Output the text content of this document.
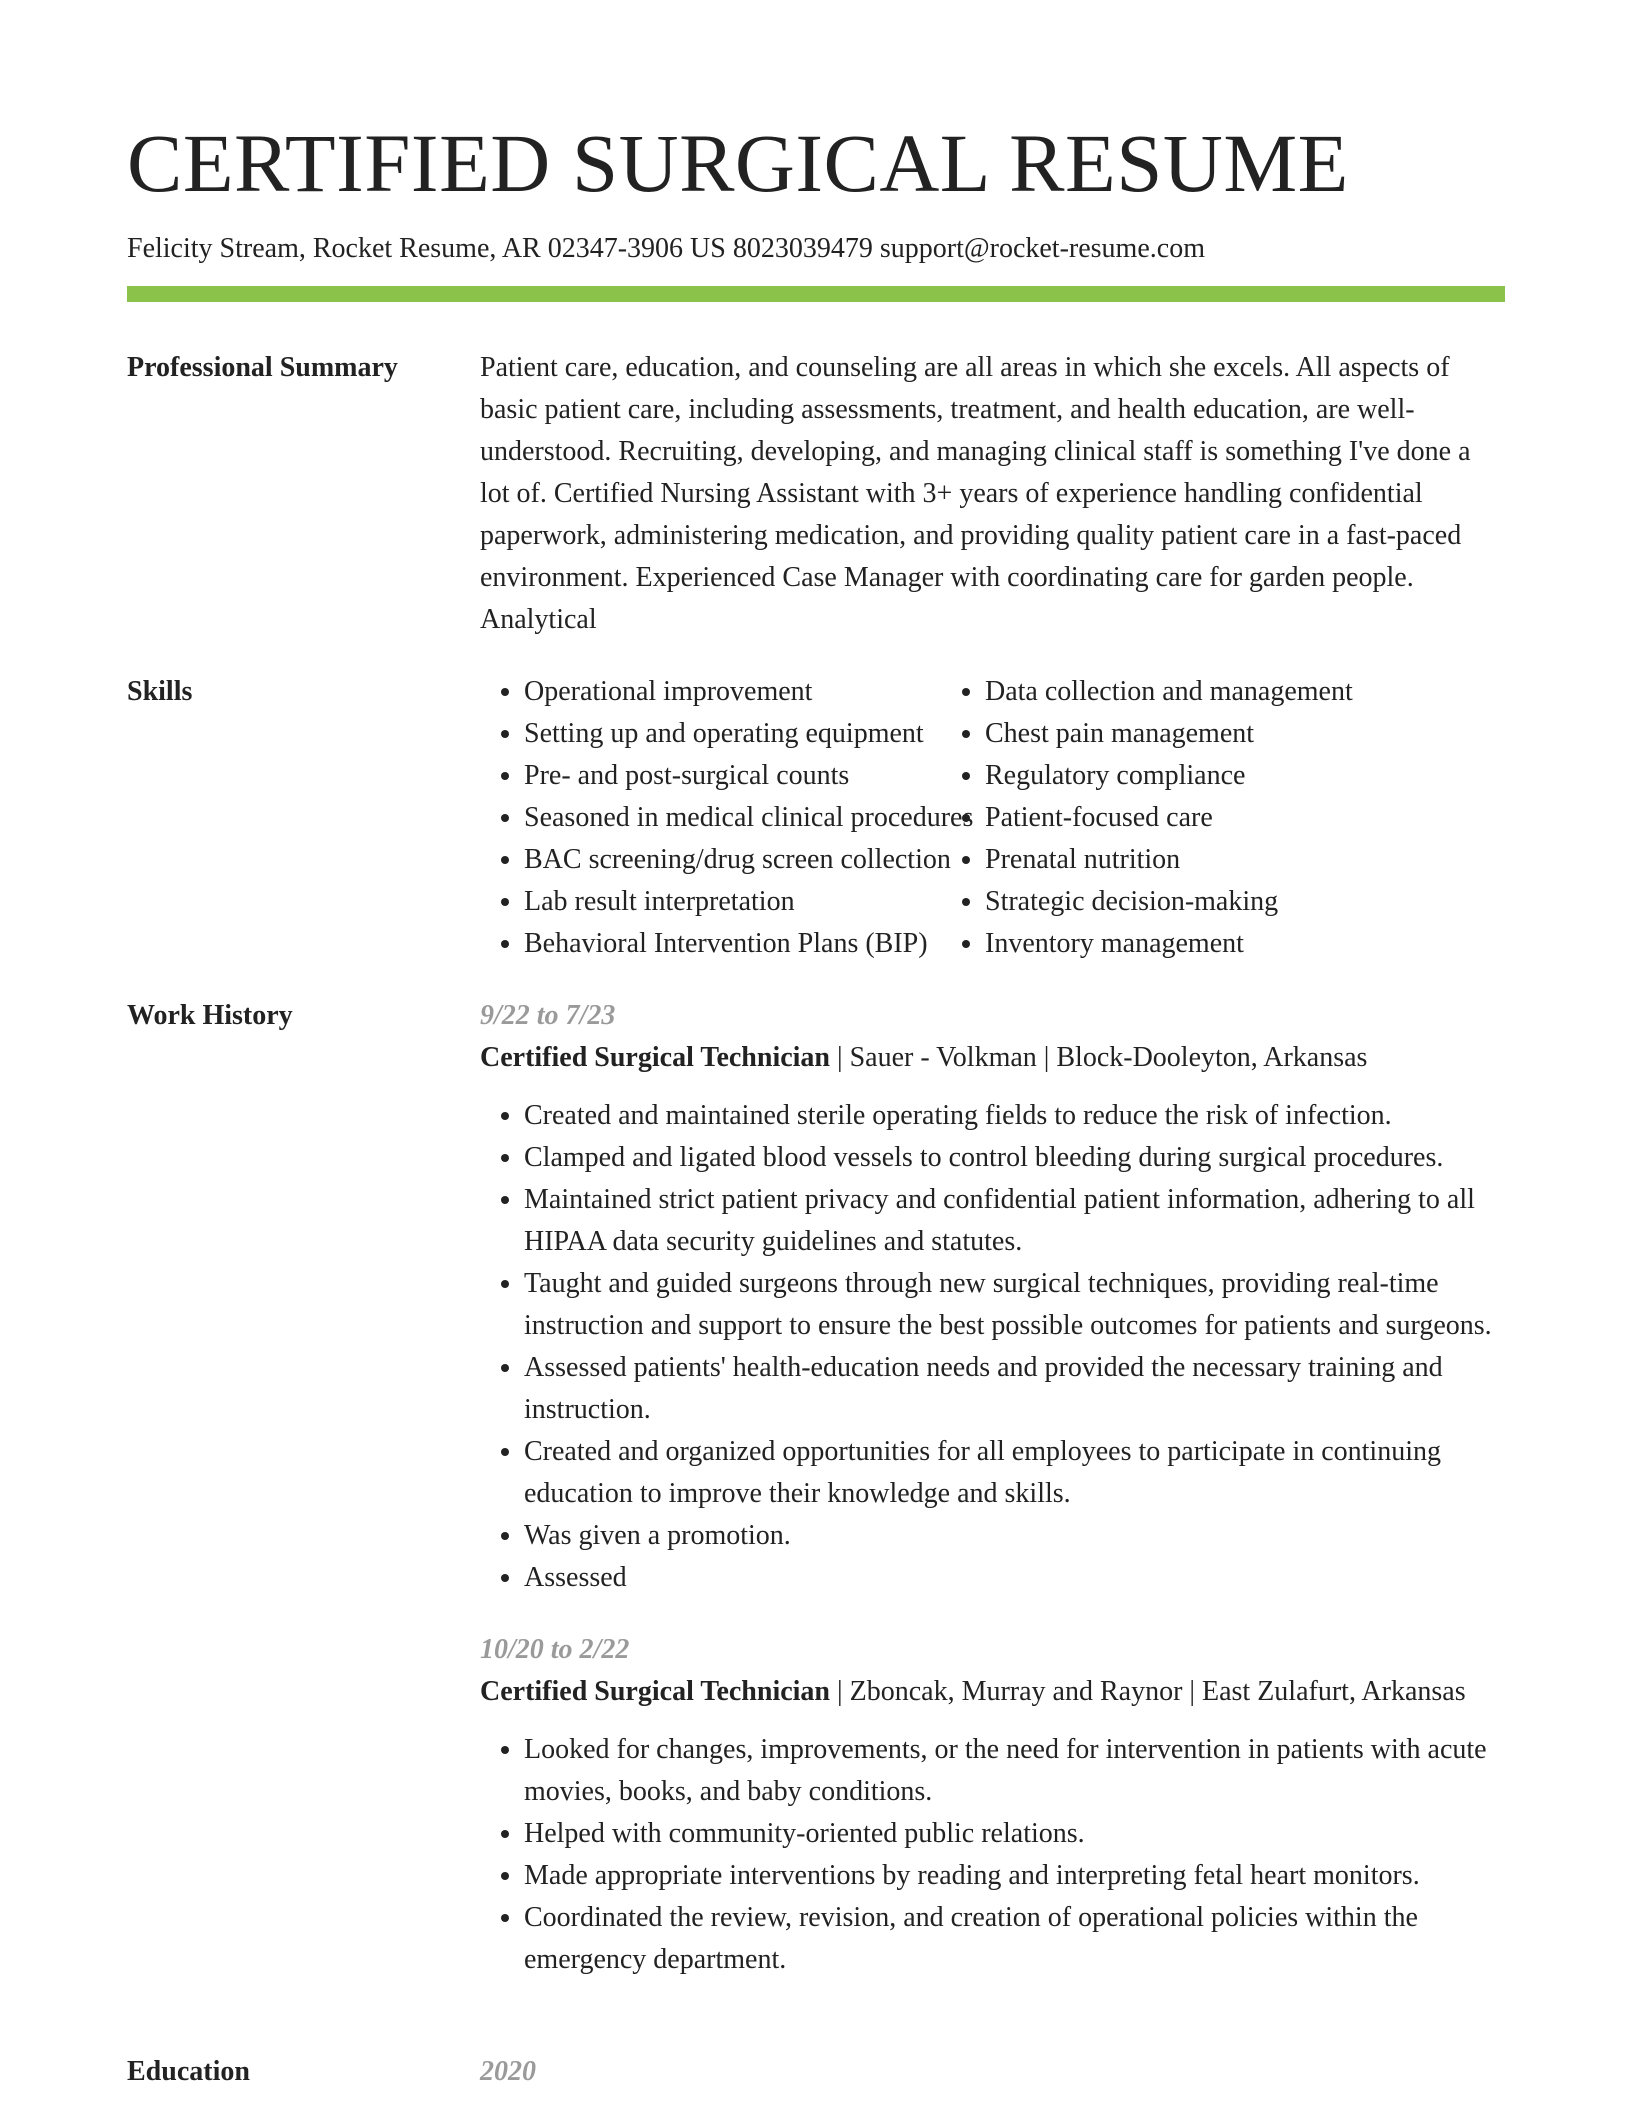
CERTIFIED SURGICAL RESUME
Felicity Stream, Rocket Resume, AR 02347-3906 US 8023039479 support@rocket-resume.com
Professional Summary	Patient care, education, and counseling are all areas in which she excels. All aspects of basic patient care, including assessments, treatment, and health education, are well-understood. Recruiting, developing, and managing clinical staff is something I've done a lot of. Certified Nursing Assistant with 3+ years of experience handling confidential paperwork, administering medication, and providing quality patient care in a fast-paced environment. Experienced Case Manager with coordinating care for garden people. Analytical

Skills
•	Operational improvement
• Setting up and operating equipment
• Pre- and post-surgical counts
• Seasoned in medical clinical procedures
• BAC screening/drug screen collection
• Lab result interpretation
• Behavioral Intervention Plans (BIP)
• Data collection and management
• Chest pain management
• Regulatory compliance
• Patient-focused care
• Prenatal nutrition
• Strategic decision-making
• Inventory management
Work History	9/22 to 7/23
Certified Surgical Technician | Sauer - Volkman | Block-Dooleyton, Arkansas
• Created and maintained sterile operating fields to reduce the risk of infection.
• Clamped and ligated blood vessels to control bleeding during surgical procedures.
• Maintained strict patient privacy and confidential patient information, adhering to all HIPAA data security guidelines and statutes.
• Taught and guided surgeons through new surgical techniques, providing real-time instruction and support to ensure the best possible outcomes for patients and surgeons.
• Assessed patients' health-education needs and provided the necessary training and instruction.
• Created and organized opportunities for all employees to participate in continuing education to improve their knowledge and skills.
• Was given a promotion.
• Assessed
10/20 to 2/22
Certified Surgical Technician | Zboncak, Murray and Raynor | East Zulafurt, Arkansas
• Looked for changes, improvements, or the need for intervention in patients with acute movies, books, and baby conditions.
• Helped with community-oriented public relations.
• Made appropriate interventions by reading and interpreting fetal heart monitors.
• Coordinated the review, revision, and creation of operational policies within the emergency department.
Education	2020
